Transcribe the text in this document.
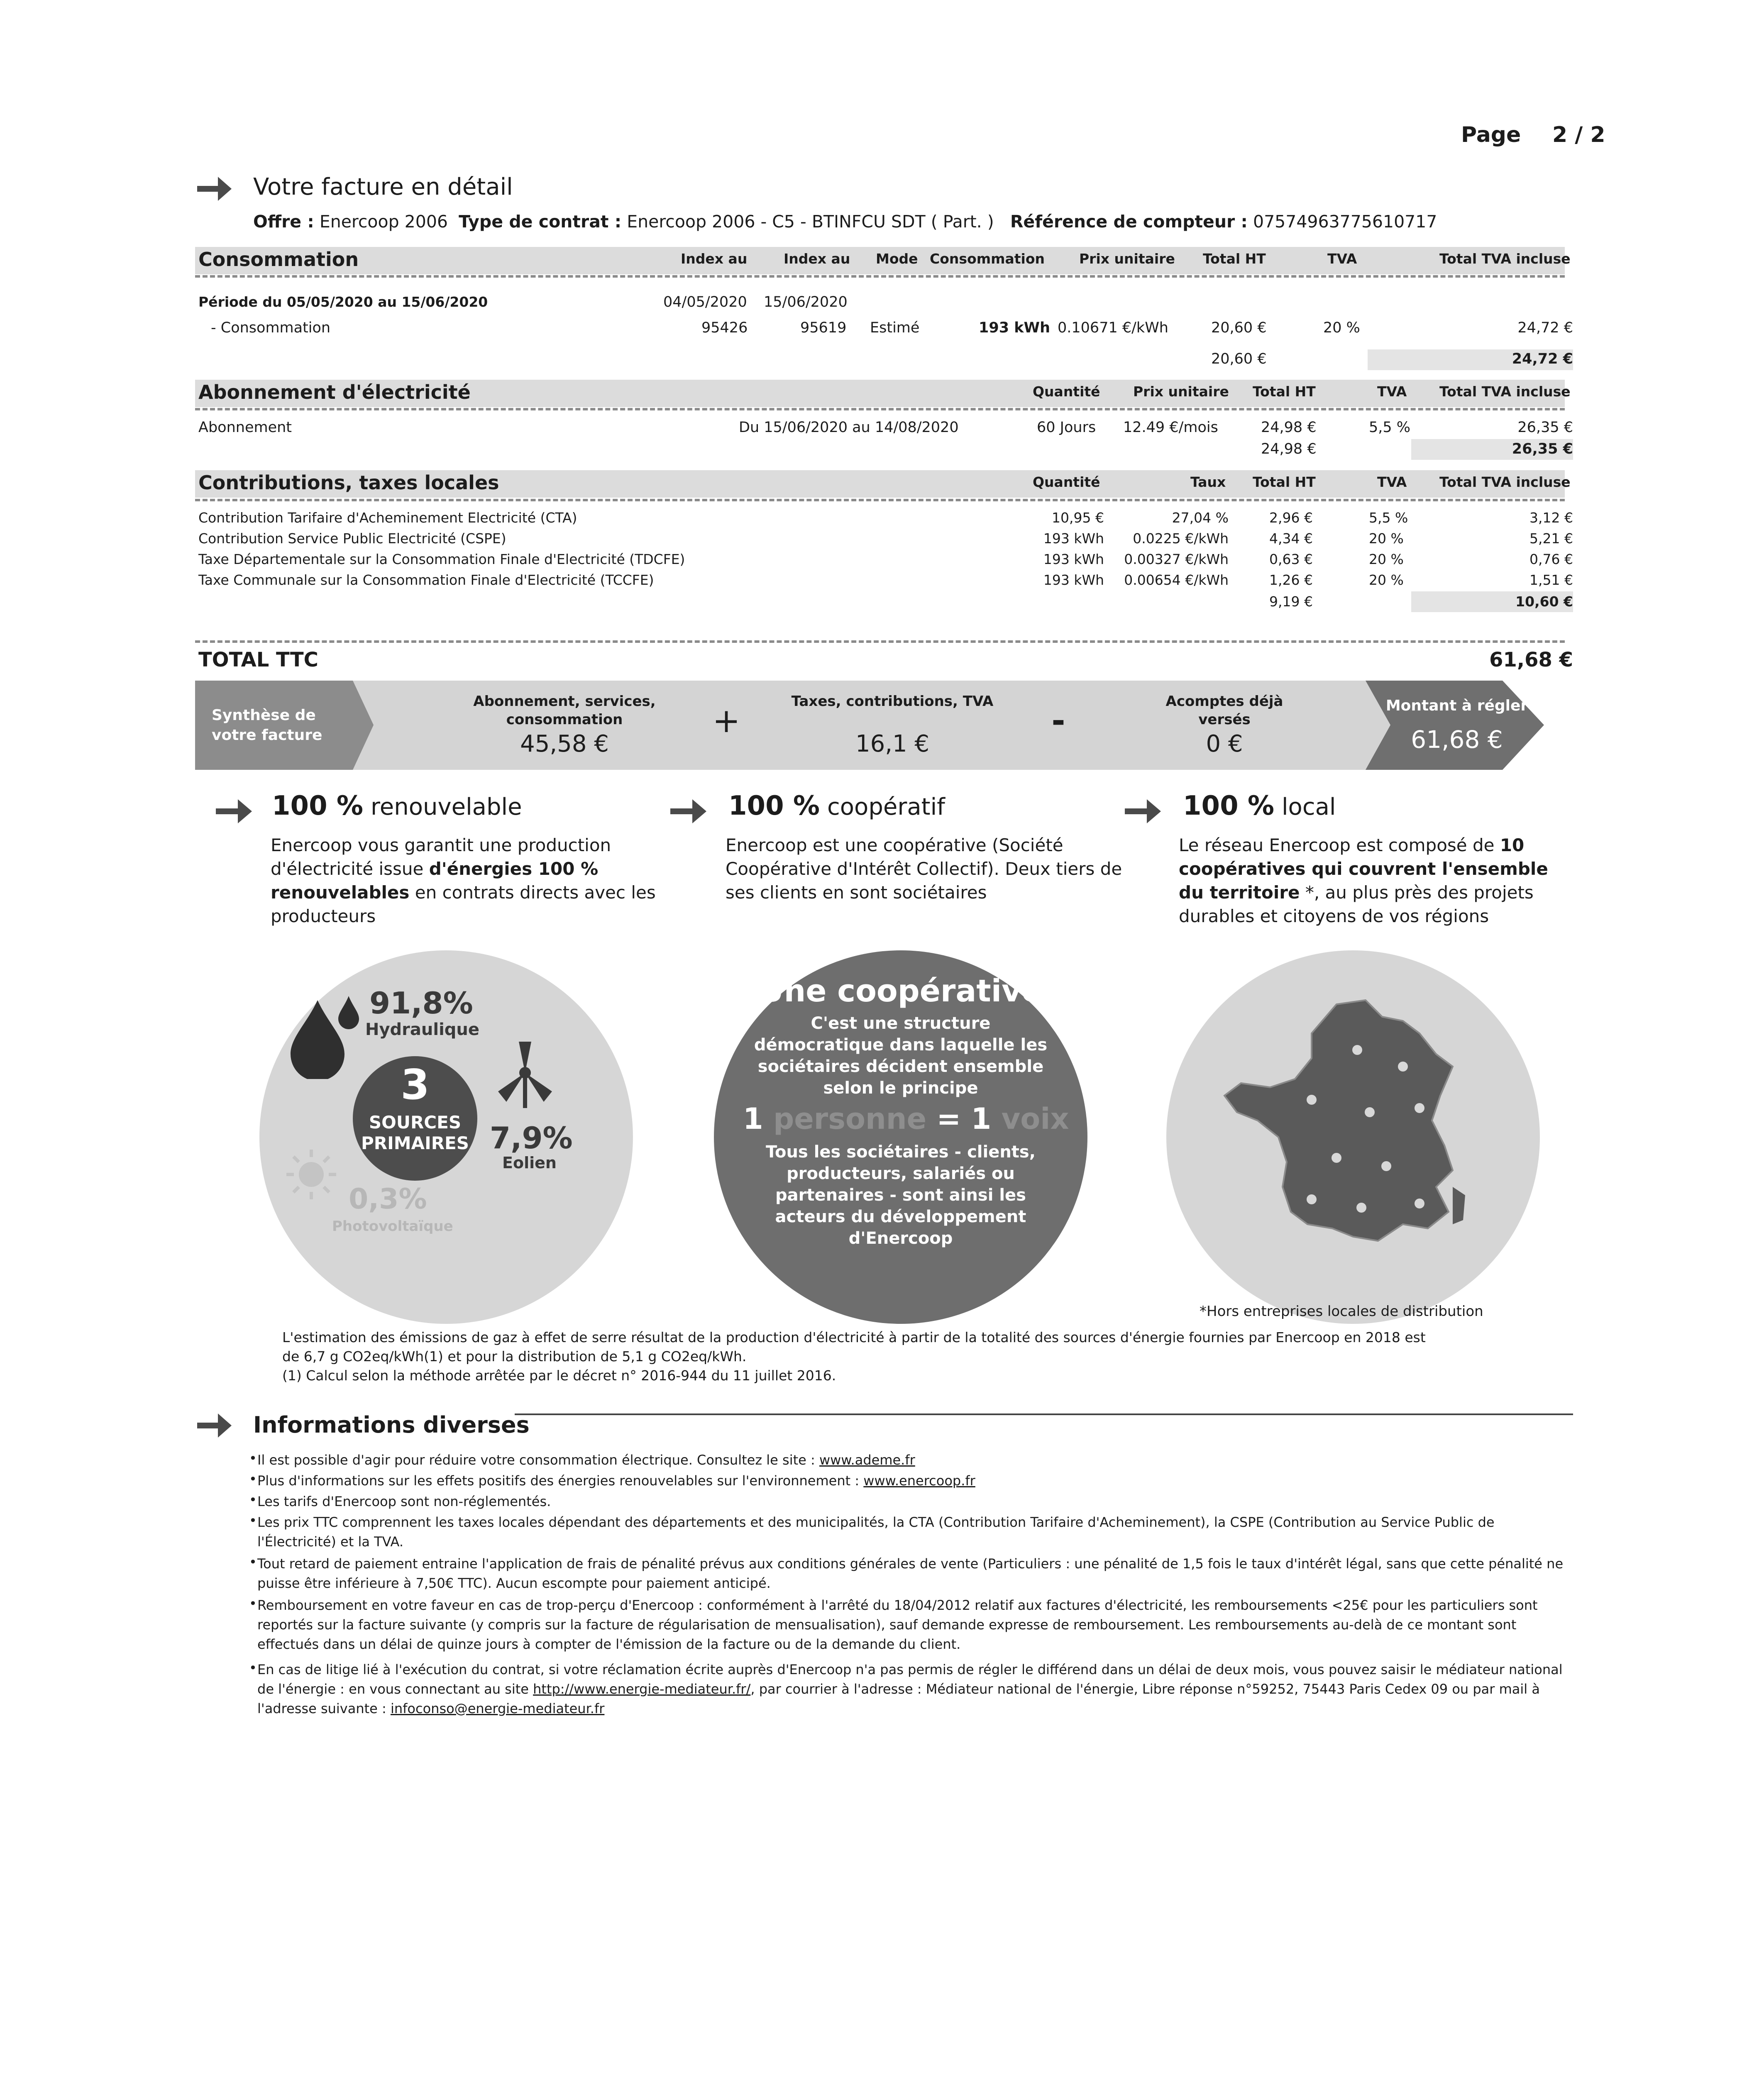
Page 2 / 2
Votre facture en détail
Offre : Enercoop 2006 Type de contrat : Enercoop 2006 - C5 - BTINFCU SDT ( Part. ) Référence de compteur : 07574963775610717
Consommation	Index au	Index au Mode Consommation	Prix unitaire Total HT	TVA	Total TVA incluse
Période du 05/05/2020 au 15/06/2020	04/05/2020 15/06/2020
- Consommation	95426	95619 Estimé	193 kWh 0.10671 €/kWh	20,60 €	20 %	24,72 €
20,60 €	24,72 €
Abonnement d'électricité	Quantité Prix unitaire Total HT	TVA Total TVA incluse
Abonnement	Du 15/06/2020 au 14/08/2020	60 Jours 12.49 €/mois	24,98 €	5,5 %	26,35 €
24,98 €	26,35 €
Contributions, taxes locales	Quantité	Taux Total HT	TVA Total TVA incluse
Contribution Tarifaire d'Acheminement Electricité (CTA)	10,95 €	27,04 %	2,96 €	5,5 %	3,12 €
Contribution Service Public Electricité (CSPE)	193 kWh	0.0225 €/kWh	4,34 €	20 %	5,21 €
Taxe Départementale sur la Consommation Finale d'Electricité (TDCFE)	193 kWh	0.00327 €/kWh	0,63 €	20 %	0,76 €
Taxe Communale sur la Consommation Finale d'Electricité (TCCFE)	193 kWh	0.00654 €/kWh	1,26 €	20 %	1,51 €
9,19 €	10,60 €
TOTAL TTC	61,68 €
Synthèse de votre facture
Abonnement, services, consommation
45,58 €
+	Taxes, contributions, TVA
16,1 €
-	Acomptes déjà versés
0 €
Montant à régler
61,68 €
100 % renouvelable
Enercoop vous garantit une production d'électricité issue d'énergies 100 % renouvelables en contrats directs avec les producteurs
100 % coopératif
Enercoop est une coopérative (Société Coopérative d'Intérêt Collectif). Deux tiers de ses clients en sont sociétaires
100 % local
Le réseau Enercoop est composé de 10 coopératives qui couvrent l'ensemble du territoire *, au plus près des projets durables et citoyens de vos régions
91,8%
Hydraulique
3
SOURCES
PRIMAIRES 7,9%
Eolien
0,3%
Photovoltaïque
Une coopérative
C'est une structure démocratique dans laquelle les sociétaires décident ensemble selon le principe
1 personne = 1 voix
Tous les sociétaires - clients, producteurs, salariés ou partenaires - sont ainsi les acteurs du développement d'Enercoop
*Hors entreprises locales de distribution
L'estimation des émissions de gaz à effet de serre résultat de la production d'électricité à partir de la totalité des sources d'énergie fournies par Enercoop en 2018 est
de 6,7 g CO2eq/kWh(1) et pour la distribution de 5,1 g CO2eq/kWh.
(1) Calcul selon la méthode arrêtée par le décret n° 2016-944 du 11 juillet 2016.
Informations diverses
• Il est possible d'agir pour réduire votre consommation électrique. Consultez le site : www.ademe.fr
• Plus d'informations sur les effets positifs des énergies renouvelables sur l'environnement : www.enercoop.fr
• Les tarifs d'Enercoop sont non-réglementés.
• Les prix TTC comprennent les taxes locales dépendant des départements et des municipalités, la CTA (Contribution Tarifaire d'Acheminement), la CSPE (Contribution au Service Public de l'Électricité) et la TVA.
• Tout retard de paiement entraine l'application de frais de pénalité prévus aux conditions générales de vente (Particuliers : une pénalité de 1,5 fois le taux d'intérêt légal, sans que cette pénalité ne puisse être inférieure à 7,50€ TTC). Aucun escompte pour paiement anticipé.
• Remboursement en votre faveur en cas de trop-perçu d'Enercoop : conformément à l'arrêté du 18/04/2012 relatif aux factures d'électricité, les remboursements <25€ pour les particuliers sont reportés sur la facture suivante (y compris sur la facture de régularisation de mensualisation), sauf demande expresse de remboursement. Les remboursements au-delà de ce montant sont effectués dans un délai de quinze jours à compter de l'émission de la facture ou de la demande du client.
• En cas de litige lié à l'exécution du contrat, si votre réclamation écrite auprès d'Enercoop n'a pas permis de régler le différend dans un délai de deux mois, vous pouvez saisir le médiateur national de l'énergie : en vous connectant au site http://www.energie-mediateur.fr/, par courrier à l'adresse : Médiateur national de l'énergie, Libre réponse n°59252, 75443 Paris Cedex 09 ou par mail à l'adresse suivante : infoconso@energie-mediateur.fr
